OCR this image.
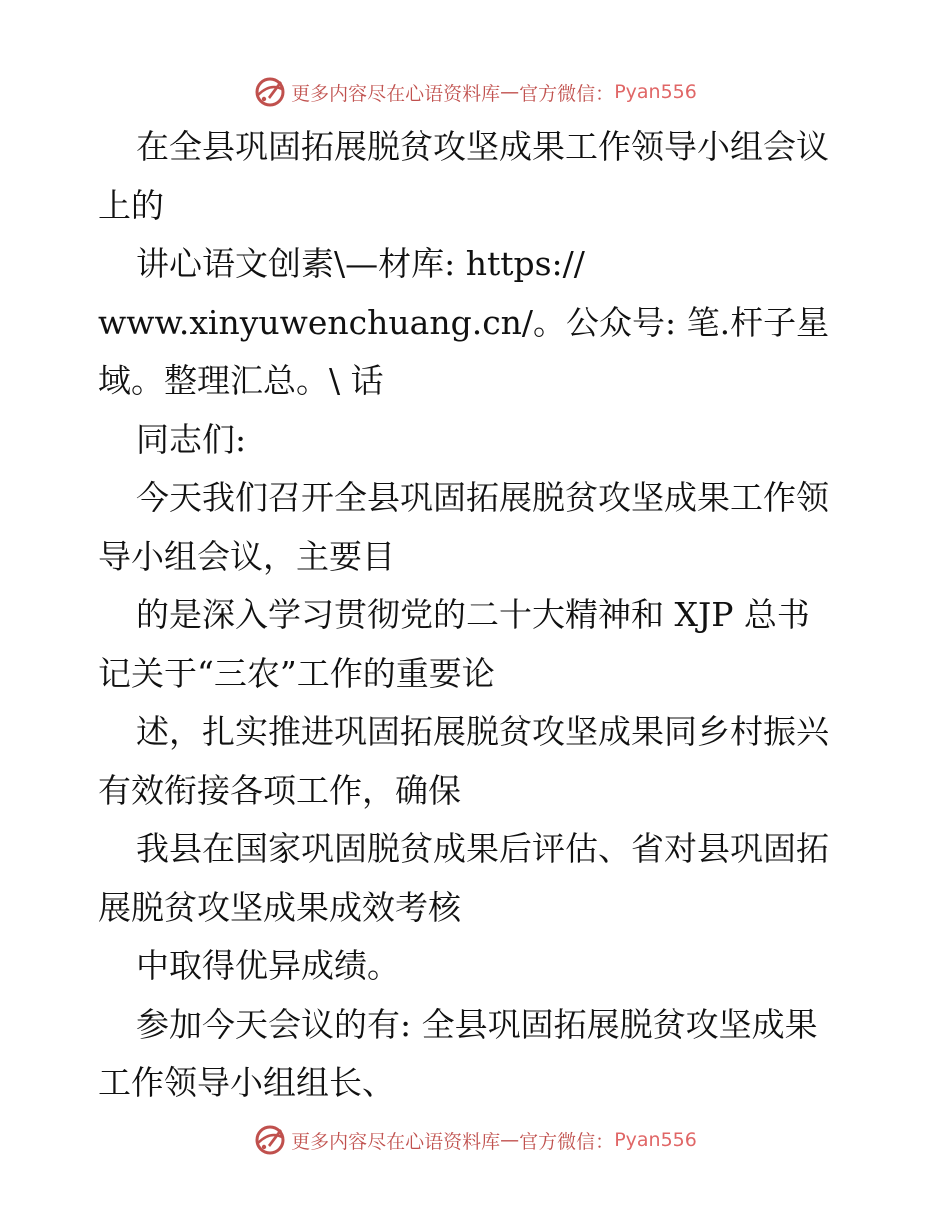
更多内容尽在心语资料库 — 官方微信： Pyan556
在全县巩固拓展脱贫攻坚成果工作领导小组会议
上的
讲心语文创素\—材库: https://
www.xinyuwenchuang.cn/。公众号: 笔.杆子星
域。整理汇总。\ 话
同志们:
今天我们召开全县巩固拓展脱贫攻坚成果工作领
导小组会议，主要目
的是深入学习贯彻党的二十大精神和 XJP 总书
记关于“三农”工作的重要论
述，扎实推进巩固拓展脱贫攻坚成果同乡村振兴
有效衔接各项工作，确保
我县在国家巩固脱贫成果后评估、省对县巩固拓
展脱贫攻坚成果成效考核
中取得优异成绩。
参加今天会议的有: 全县巩固拓展脱贫攻坚成果
工作领导小组组长、
更多内容尽在心语资料库 — 官方微信： Pyan556
